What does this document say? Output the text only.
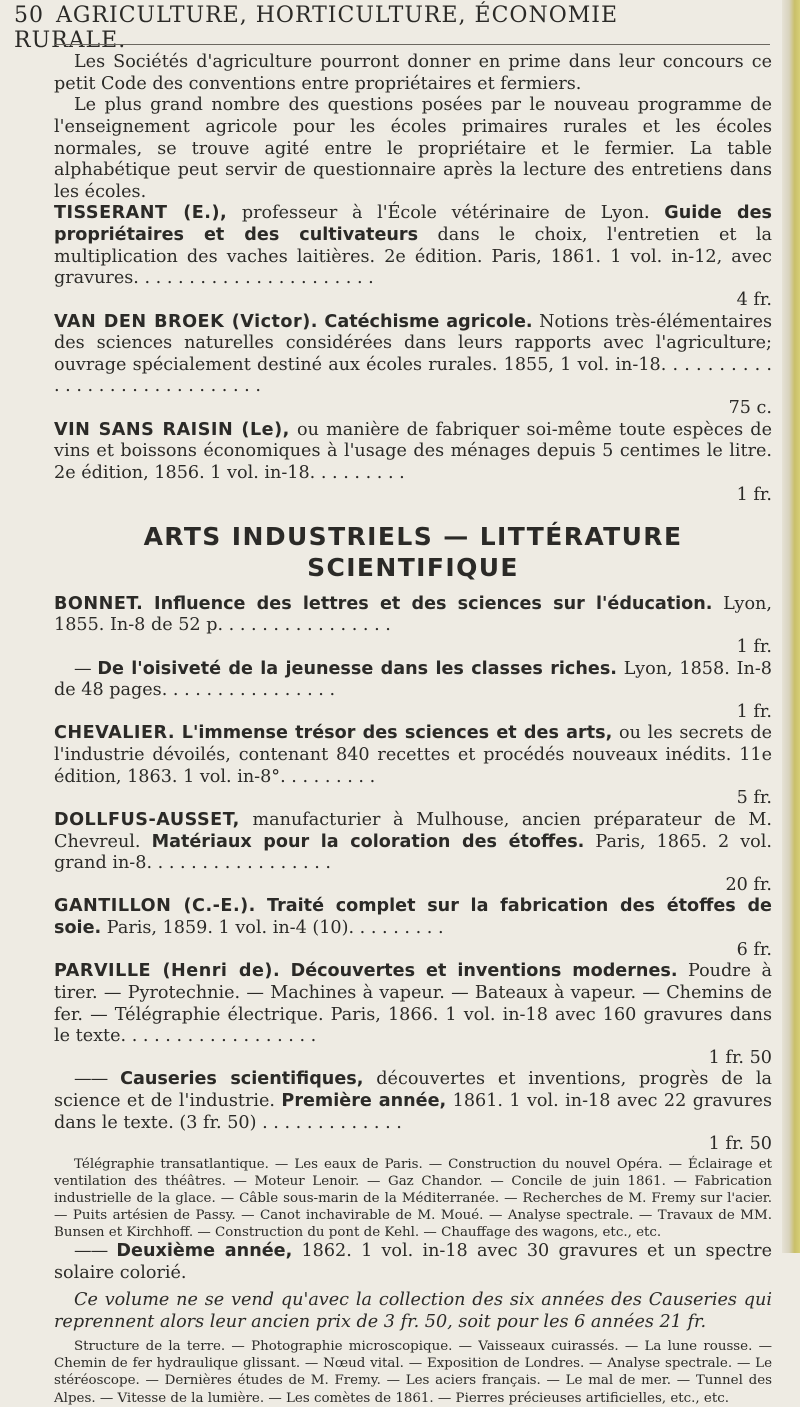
50 AGRICULTURE, HORTICULTURE, ÉCONOMIE RURALE.

Les Sociétés d'agriculture pourront donner en prime dans leur concours ce petit Code des conventions entre propriétaires et fermiers.

Le plus grand nombre des questions posées par le nouveau programme de l'enseignement agricole pour les écoles primaires rurales et les écoles normales, se trouve agité entre le propriétaire et le fermier. La table alphabétique peut servir de questionnaire après la lecture des entretiens dans les écoles.

TISSERANT (E.), professeur à l'École vétérinaire de Lyon. Guide des propriétaires et des cultivateurs dans le choix, l'entretien et la multiplication des vaches laitières. 2e édition. Paris, 1861. 1 vol. in-12, avec gravures. . . . . . . . . . . . . . . . . . . . . .
4 fr.

VAN DEN BROEK (Victor). Catéchisme agricole. Notions très-élémentaires des sciences naturelles considérées dans leurs rapports avec l'agriculture; ouvrage spécialement destiné aux écoles rurales. 1855, 1 vol. in-18. . . . . . . . . . . . . . . . . . . . . . . . . . . . .
75 c.

VIN SANS RAISIN (Le), ou manière de fabriquer soi-même toute espèces de vins et boissons économiques à l'usage des ménages depuis 5 centimes le litre. 2e édition, 1856. 1 vol. in-18. . . . . . . . .
1 fr.

ARTS INDUSTRIELS — LITTÉRATURE SCIENTIFIQUE

BONNET. Influence des lettres et des sciences sur l'éducation. Lyon, 1855. In-8 de 52 p. . . . . . . . . . . . . . . .
1 fr.

— De l'oisiveté de la jeunesse dans les classes riches. Lyon, 1858. In-8 de 48 pages. . . . . . . . . . . . . . . .
1 fr.

CHEVALIER. L'immense trésor des sciences et des arts, ou les secrets de l'industrie dévoilés, contenant 840 recettes et procédés nouveaux inédits. 11e édition, 1863. 1 vol. in-8°. . . . . . . . .
5 fr.

DOLLFUS-AUSSET, manufacturier à Mulhouse, ancien préparateur de M. Chevreul. Matériaux pour la coloration des étoffes. Paris, 1865. 2 vol. grand in-8. . . . . . . . . . . . . . . . .
20 fr.

GANTILLON (C.-E.). Traité complet sur la fabrication des étoffes de soie. Paris, 1859. 1 vol. in-4 (10). . . . . . . . .
6 fr.

PARVILLE (Henri de). Découvertes et inventions modernes. Poudre à tirer. — Pyrotechnie. — Machines à vapeur. — Bateaux à vapeur. — Chemins de fer. — Télégraphie électrique. Paris, 1866. 1 vol. in-18 avec 160 gravures dans le texte. . . . . . . . . . . . . . . . . .
1 fr. 50

—— Causeries scientifiques, découvertes et inventions, progrès de la science et de l'industrie. Première année, 1861. 1 vol. in-18 avec 22 gravures dans le texte. (3 fr. 50) . . . . . . . . . . . . .
1 fr. 50

Télégraphie transatlantique. — Les eaux de Paris. — Construction du nouvel Opéra. — Éclairage et ventilation des théâtres. — Moteur Lenoir. — Gaz Chandor. — Concile de juin 1861. — Fabrication industrielle de la glace. — Câble sous-marin de la Méditerranée. — Recherches de M. Fremy sur l'acier. — Puits artésien de Passy. — Canot inchavirable de M. Moué. — Analyse spectrale. — Travaux de MM. Bunsen et Kirchhoff. — Construction du pont de Kehl. — Chauffage des wagons, etc., etc.

—— Deuxième année, 1862. 1 vol. in-18 avec 30 gravures et un spectre solaire colorié.

Ce volume ne se vend qu'avec la collection des six années des Causeries qui reprennent alors leur ancien prix de 3 fr. 50, soit pour les 6 années 21 fr.

Structure de la terre. — Photographie microscopique. — Vaisseaux cuirassés. — La lune rousse. — Chemin de fer hydraulique glissant. — Nœud vital. — Exposition de Londres. — Analyse spectrale. — Le stéréoscope. — Dernières études de M. Fremy. — Les aciers français. — Le mal de mer. — Tunnel des Alpes. — Vitesse de la lumière. — Les comètes de 1861. — Pierres précieuses artificielles, etc., etc.
